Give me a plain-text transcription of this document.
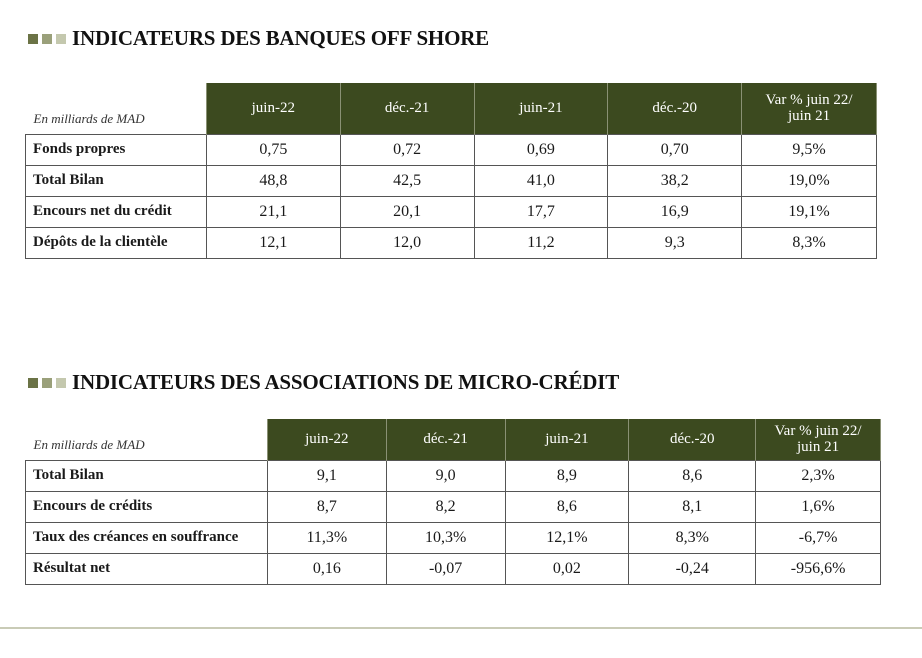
INDICATEURS DES BANQUES OFF SHORE
En milliards de MAD	juin-22	déc.-21	juin-21	déc.-20	Var % juin 22/
juin 21

Fonds propres	0,75	0,72	0,69	0,70	9,5%
Total Bilan	48,8	42,5	41,0	38,2	19,0%
Encours net du crédit	21,1	20,1	17,7	16,9	19,1%
Dépôts de la clientèle	12,1	12,0	11,2	9,3	8,3%
INDICATEURS DES ASSOCIATIONS DE MICRO-CRÉDIT
En milliards de MAD	juin-22	déc.-21	juin-21	déc.-20	Var % juin 22/
juin 21

Total Bilan	9,1	9,0	8,9	8,6	2,3%
Encours de crédits	8,7	8,2	8,6	8,1	1,6%
Taux des créances en souffrance	11,3%	10,3%	12,1%	8,3%	-6,7%
Résultat net	0,16	-0,07	0,02	-0,24	-956,6%
